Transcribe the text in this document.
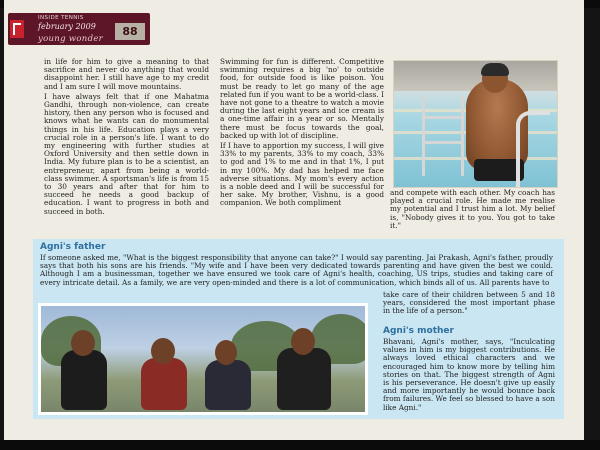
INSIDE TENNIS
february 2009
young wonder
88

in life for him to give a meaning to that sacrifice and never do anything that would disappoint her. I still have age to my credit and I am sure I will move mountains.

I have always felt that if one Mahatma Gandhi, through non-violence, can create history, then any person who is focused and knows what he wants can do monumental things in his life. Education plays a very crucial role in a person's life. I want to do my engineering with further studies at Oxford University and then settle down in India. My future plan is to be a scientist, an entrepreneur, apart from being a world-class swimmer. A sportsman's life is from 15 to 30 years and after that for him to succeed he needs a good backup of education. I want to progress in both and succeed in both.

Swimming for fun is different. Competitive swimming requires a big 'no' to outside food, for outside food is like poison. You must be ready to let go many of the age related fun if you want to be a world-class. I have not gone to a theatre to watch a movie during the last eight years and ice cream is a one-time affair in a year or so. Mentally there must be focus towards the goal, backed up with lot of discipline.

If I have to apportion my success, I will give 33% to my parents, 33% to my coach, 33% to god and 1% to me and in that 1%, I put in my 100%. My dad has helped me face adverse situations. My mom's every action is a noble deed and I will be successful for her sake. My brother, Vishnu, is a good companion. We both compliment

and compete with each other. My coach has played a crucial role. He made me realise my potential and I trust him a lot. My belief is, "Nobody gives it to you. You got to take it."

Agni's father

If someone asked me, "What is the biggest responsibility that anyone can take?" I would say parenting. Jai Prakash, Agni's father, proudly says that both his sons are his friends. "My wife and I have been very dedicated towards parenting and have given the best we could. Although I am a businessman, together we have ensured we took care of Agni's health, coaching, US trips, studies and taking care of every intricate detail. As a family, we are very open-minded and there is a lot of communication, which binds all of us. All parents have to

take care of their children between 5 and 18 years, considered the most important phase in the life of a person."

Agni's mother

Bhavani, Agni's mother, says, "Inculcating values in him is my biggest contributions. He always loved ethical characters and we encouraged him to know more by telling him stories on that. The biggest strength of Agni is his perseverance. He doesn't give up easily and more importantly he would bounce back from failures. We feel so blessed to have a son like Agni."
